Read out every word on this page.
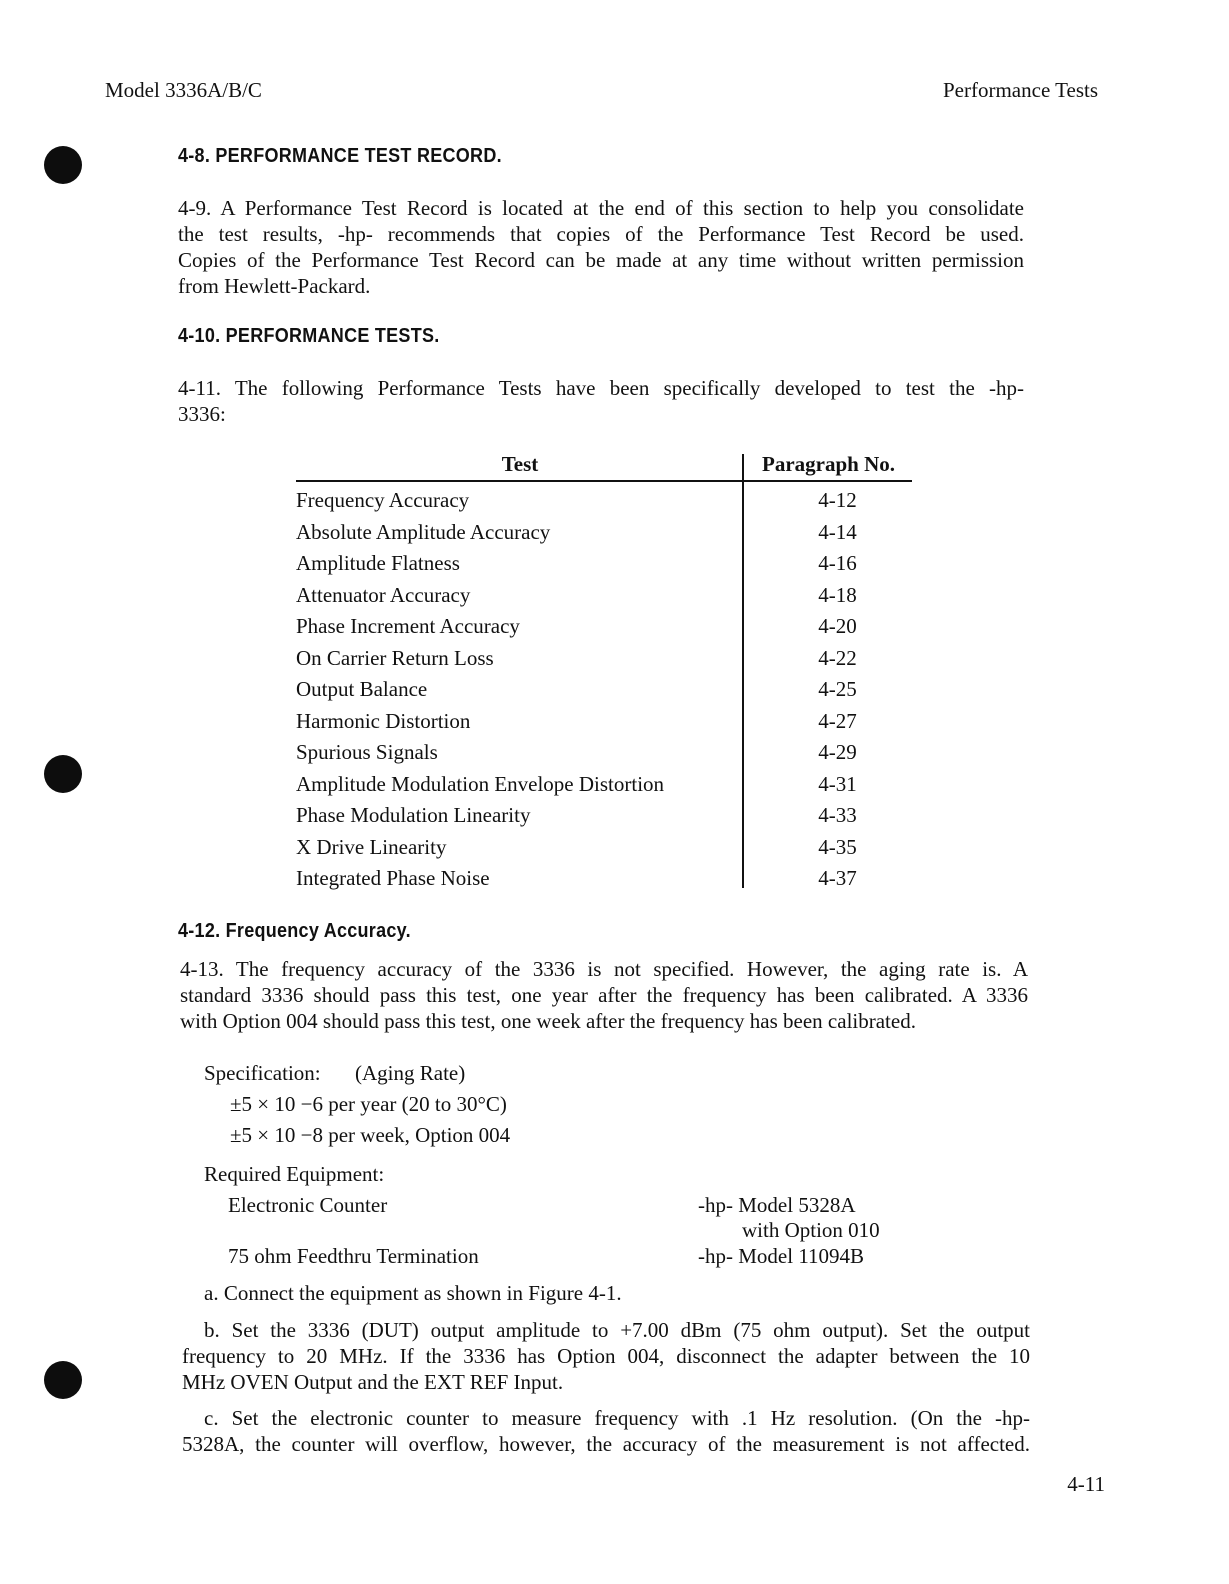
Model 3336A/B/C	Performance Tests
4-8. PERFORMANCE TEST RECORD.
4-9. A Performance Test Record is located at the end of this section to help you consolidate
the test results, -hp- recommends that copies of the Performance Test Record be used.
Copies of the Performance Test Record can be made at any time without written permission
from Hewlett-Packard.
4-10. PERFORMANCE TESTS.
4-11. The following Performance Tests have been specifically developed to test the -hp-
3336:
Test	Paragraph No.
Frequency Accuracy	4-12
Absolute Amplitude Accuracy	4-14
Amplitude Flatness	4-16
Attenuator Accuracy	4-18
Phase Increment Accuracy	4-20
On Carrier Return Loss	4-22
Output Balance	4-25
Harmonic Distortion	4-27
Spurious Signals	4-29
Amplitude Modulation Envelope Distortion	4-31
Phase Modulation Linearity	4-33
X Drive Linearity	4-35
Integrated Phase Noise	4-37
4-12. Frequency Accuracy.
4-13. The frequency accuracy of the 3336 is not specified. However, the aging rate is. A
standard 3336 should pass this test, one year after the frequency has been calibrated. A 3336
with Option 004 should pass this test, one week after the frequency has been calibrated.
Specification: (Aging Rate)
±5 × 10 −6 per year (20 to 30°C)
±5 × 10 −8 per week, Option 004
Required Equipment:
Electronic Counter	-hp- Model 5328A
with Option 010
75 ohm Feedthru Termination	-hp- Model 11094B
a. Connect the equipment as shown in Figure 4-1.
b. Set the 3336 (DUT) output amplitude to +7.00 dBm (75 ohm output). Set the output
frequency to 20 MHz. If the 3336 has Option 004, disconnect the adapter between the 10
MHz OVEN Output and the EXT REF Input.
c. Set the electronic counter to measure frequency with .1 Hz resolution. (On the -hp-
5328A, the counter will overflow, however, the accuracy of the measurement is not affected.
4-11
